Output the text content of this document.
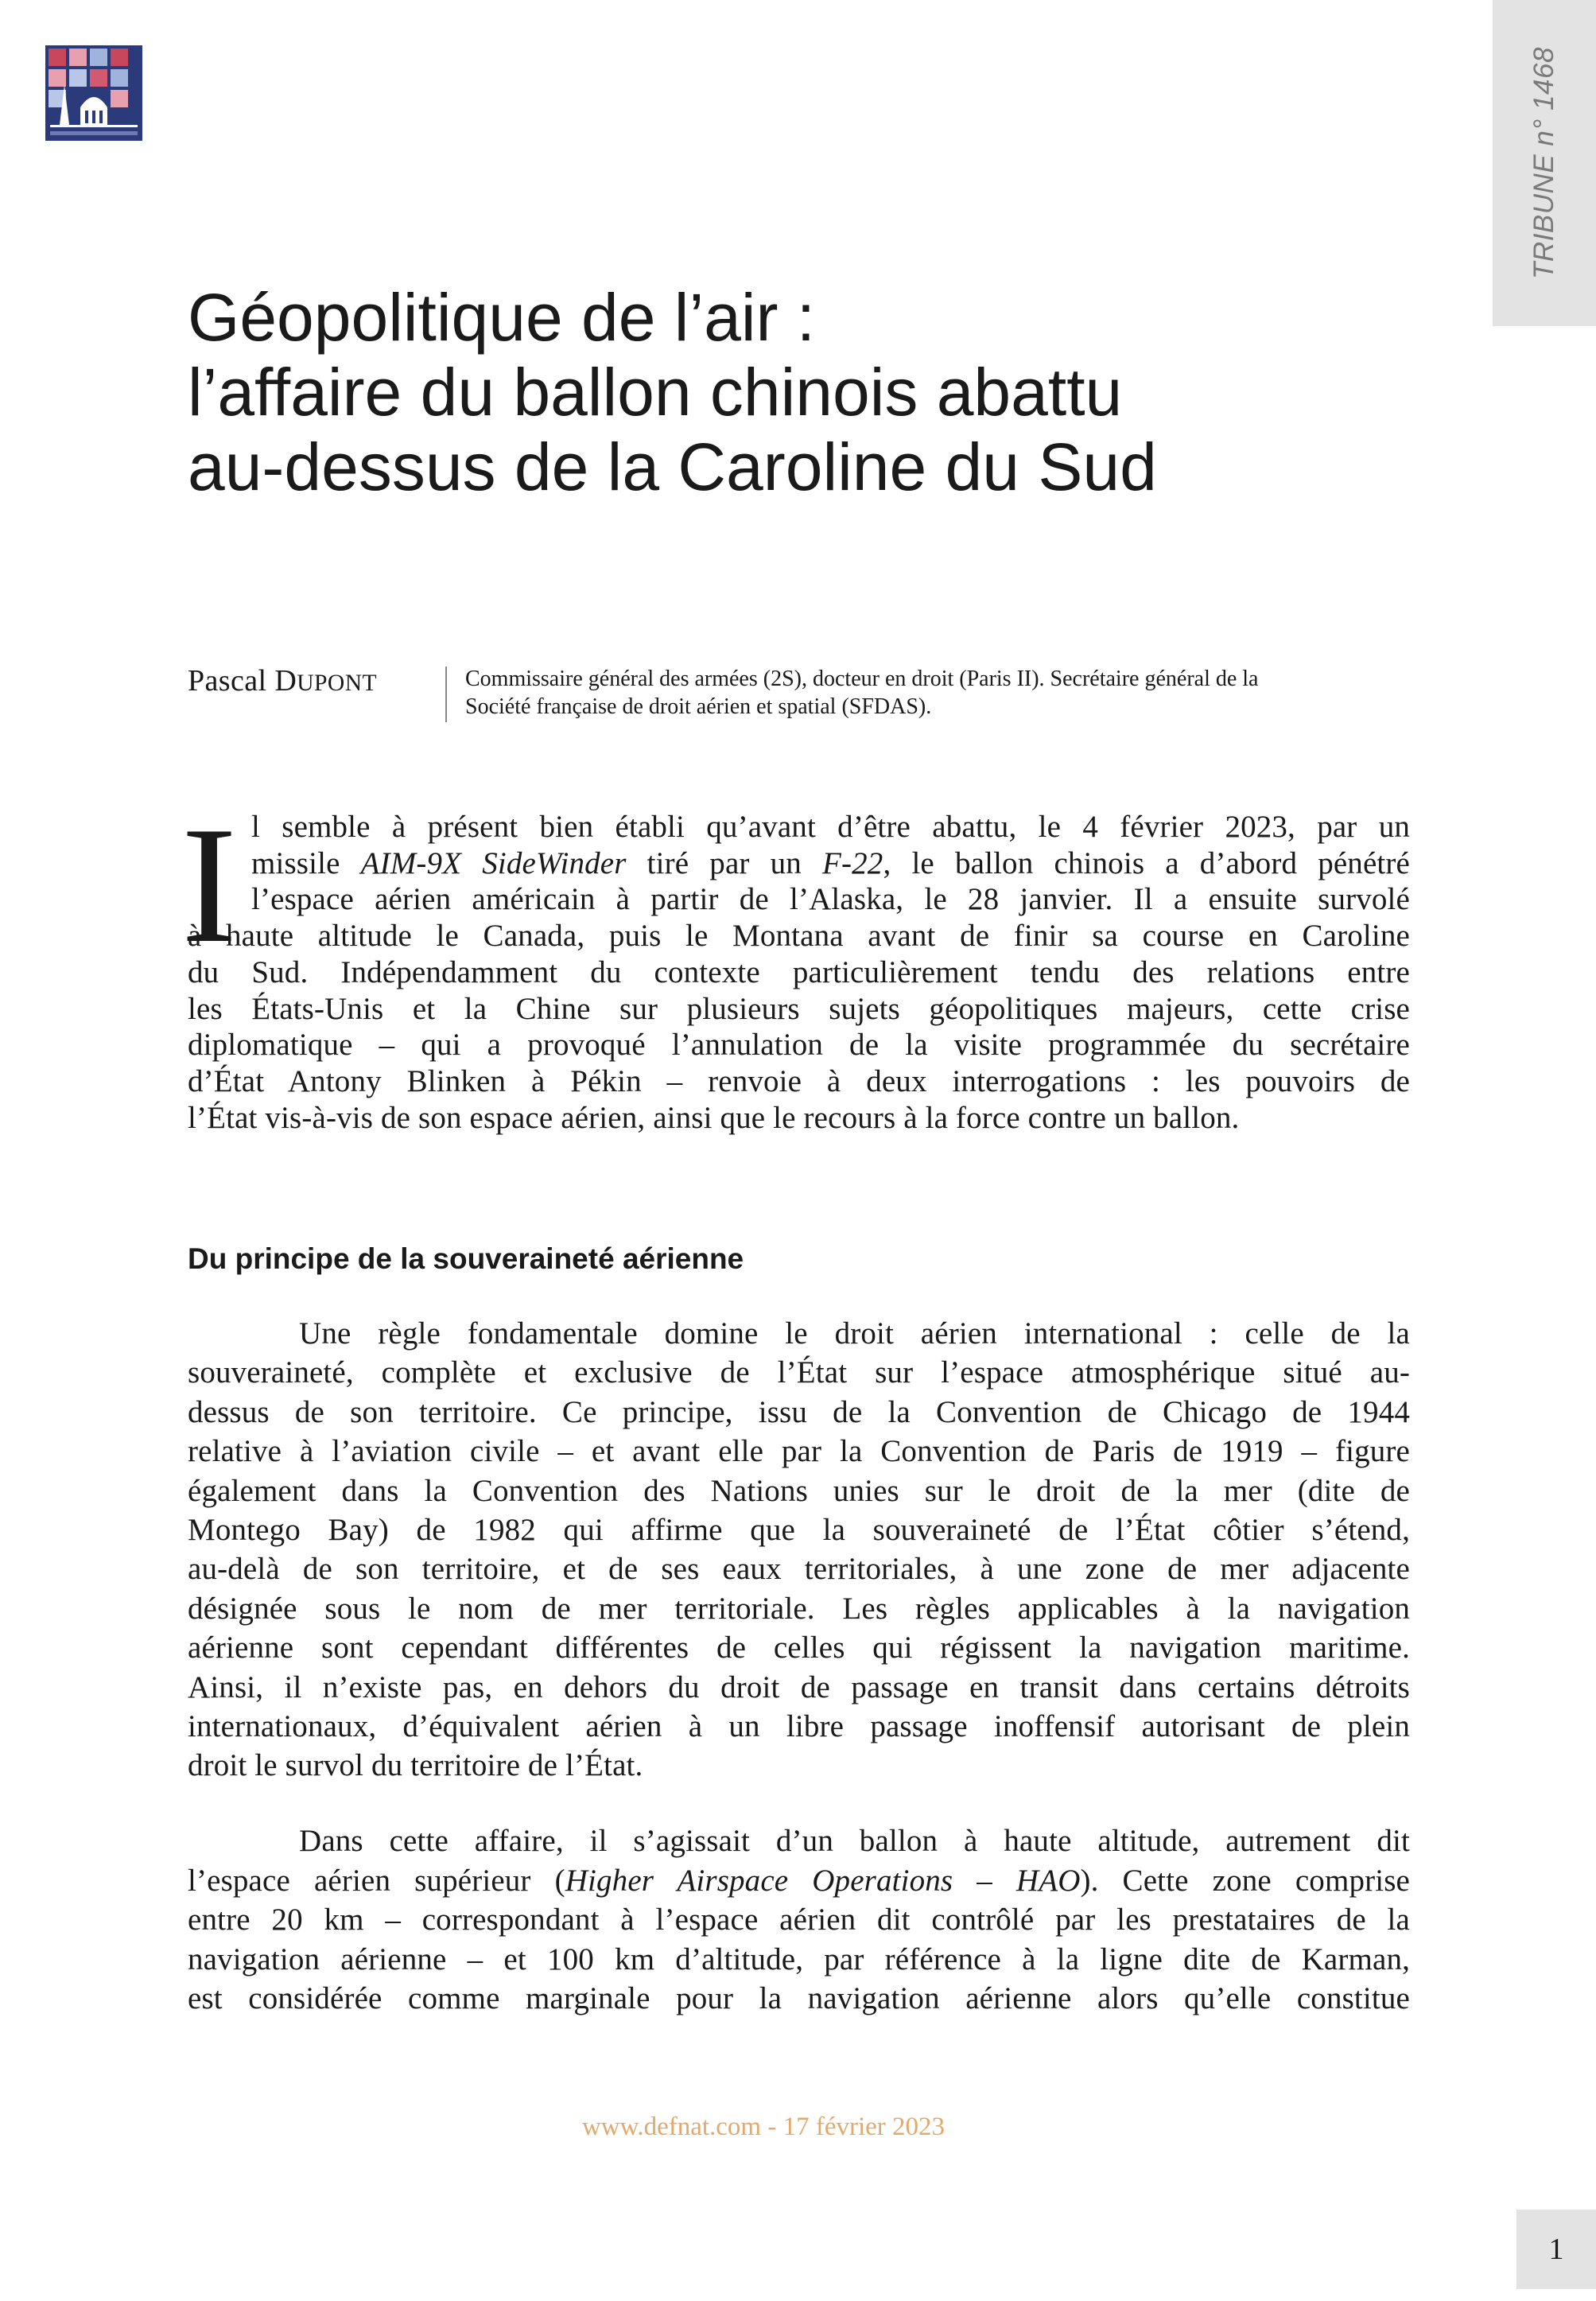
TRIBUNE n° 1468
Géopolitique de l’air :
l’affaire du ballon chinois abattu
au-dessus de la Caroline du Sud
Pascal DUPONT	Commissaire général des armées (2S), docteur en droit (Paris II). Secrétaire général de la
Société française de droit aérien et spatial (SFDAS).
I l semble à présent bien établi qu’avant d’être abattu, le 4 février 2023, par un
missile AIM-9X SideWinder tiré par un F-22, le ballon chinois a d’abord pénétré
l’espace aérien américain à partir de l’Alaska, le 28 janvier. Il a ensuite survolé
à haute altitude le Canada, puis le Montana avant de finir sa course en Caroline
du Sud. Indépendamment du contexte particulièrement tendu des relations entre
les États-Unis et la Chine sur plusieurs sujets géopolitiques majeurs, cette crise
diplomatique – qui a provoqué l’annulation de la visite programmée du secrétaire
d’État Antony Blinken à Pékin – renvoie à deux interrogations : les pouvoirs de
l’État vis-à-vis de son espace aérien, ainsi que le recours à la force contre un ballon.
Du principe de la souveraineté aérienne
Une règle fondamentale domine le droit aérien international : celle de la
souveraineté, complète et exclusive de l’État sur l’espace atmosphérique situé au-
dessus de son territoire. Ce principe, issu de la Convention de Chicago de 1944
relative à l’aviation civile – et avant elle par la Convention de Paris de 1919 – figure
également dans la Convention des Nations unies sur le droit de la mer (dite de
Montego Bay) de 1982 qui affirme que la souveraineté de l’État côtier s’étend,
au-delà de son territoire, et de ses eaux territoriales, à une zone de mer adjacente
désignée sous le nom de mer territoriale. Les règles applicables à la navigation
aérienne sont cependant différentes de celles qui régissent la navigation maritime.
Ainsi, il n’existe pas, en dehors du droit de passage en transit dans certains détroits
internationaux, d’équivalent aérien à un libre passage inoffensif autorisant de plein
droit le survol du territoire de l’État.
Dans cette affaire, il s’agissait d’un ballon à haute altitude, autrement dit
l’espace aérien supérieur (Higher Airspace Operations – HAO). Cette zone comprise
entre 20 km – correspondant à l’espace aérien dit contrôlé par les prestataires de la
navigation aérienne – et 100 km d’altitude, par référence à la ligne dite de Karman,
est considérée comme marginale pour la navigation aérienne alors qu’elle constitue
www.defnat.com - 17 février 2023
1
